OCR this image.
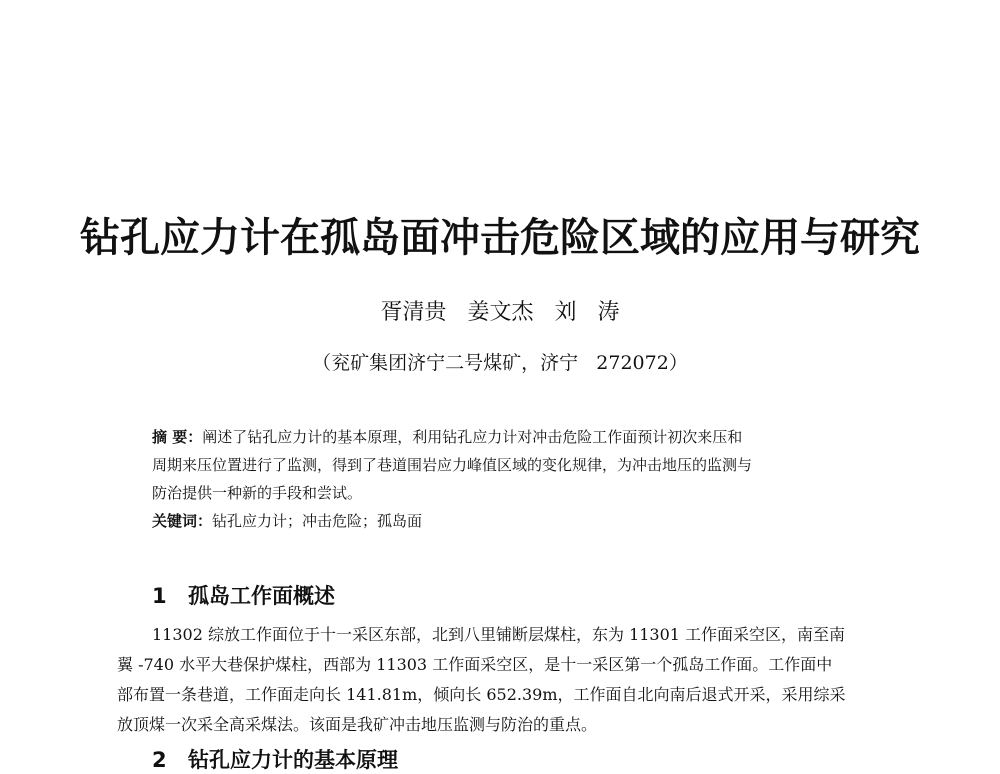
钻孔应力计在孤岛面冲击危险区域的应用与研究
胥清贵   姜文杰   刘   涛
（兖矿集团济宁二号煤矿，济宁   272072）
摘 要：阐述了钻孔应力计的基本原理，利用钻孔应力计对冲击危险工作面预计初次来压和
周期来压位置进行了监测，得到了巷道围岩应力峰值区域的变化规律，为冲击地压的监测与
防治提供一种新的手段和尝试。
关键词：钻孔应力计；冲击危险；孤岛面
1 孤岛工作面概述
11302 综放工作面位于十一采区东部，北到八里铺断层煤柱，东为 11301 工作面采空区，南至南
翼 -740 水平大巷保护煤柱，西部为 11303 工作面采空区，是十一采区第一个孤岛工作面。工作面中
部布置一条巷道，工作面走向长 141.81m，倾向长 652.39m，工作面自北向南后退式开采，采用综采
放顶煤一次采全高采煤法。该面是我矿冲击地压监测与防治的重点。
2 钻孔应力计的基本原理
